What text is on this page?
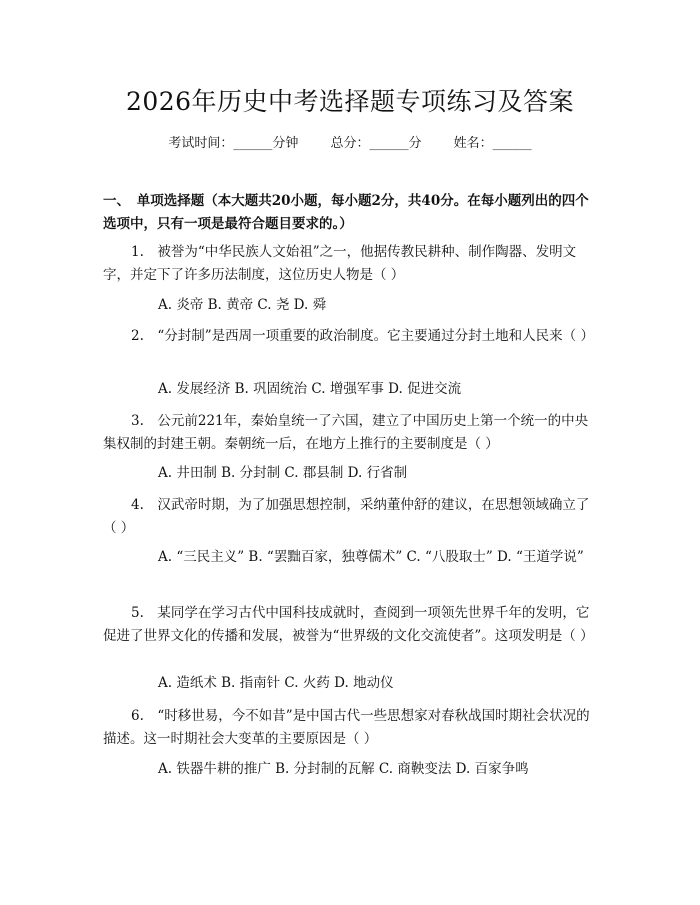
2026年历史中考选择题专项练习及答案
考试时间：______分钟 总分：______分 姓名：______
一、　单项选择题（本大题共20小题，每小题2分，共40分。在每小题列出的四个选项中，只有一项是最符合题目要求的。）
1.　被誉为“中华民族人文始祖”之一，他据传教民耕种、制作陶器、发明文字，并定下了许多历法制度，这位历史人物是（ ）
A. 炎帝 B. 黄帝 C. 尧 D. 舜
2.　“分封制”是西周一项重要的政治制度。它主要通过分封土地和人民来（ ）
A. 发展经济 B. 巩固统治 C. 增强军事 D. 促进交流
3.　公元前221年，秦始皇统一了六国，建立了中国历史上第一个统一的中央集权制的封建王朝。秦朝统一后，在地方上推行的主要制度是（ ）
A. 井田制 B. 分封制 C. 郡县制 D. 行省制
4.　汉武帝时期，为了加强思想控制，采纳董仲舒的建议，在思想领域确立了（ ）
A. “三民主义” B. “罢黜百家，独尊儒术” C. “八股取士” D. “王道学说”
5.　某同学在学习古代中国科技成就时，查阅到一项领先世界千年的发明，它促进了世界文化的传播和发展，被誉为“世界级的文化交流使者”。这项发明是（ ）
A. 造纸术 B. 指南针 C. 火药 D. 地动仪
6.　“时移世易，今不如昔”是中国古代一些思想家对春秋战国时期社会状况的描述。这一时期社会大变革的主要原因是（ ）
A. 铁器牛耕的推广 B. 分封制的瓦解 C. 商鞅变法 D. 百家争鸣
